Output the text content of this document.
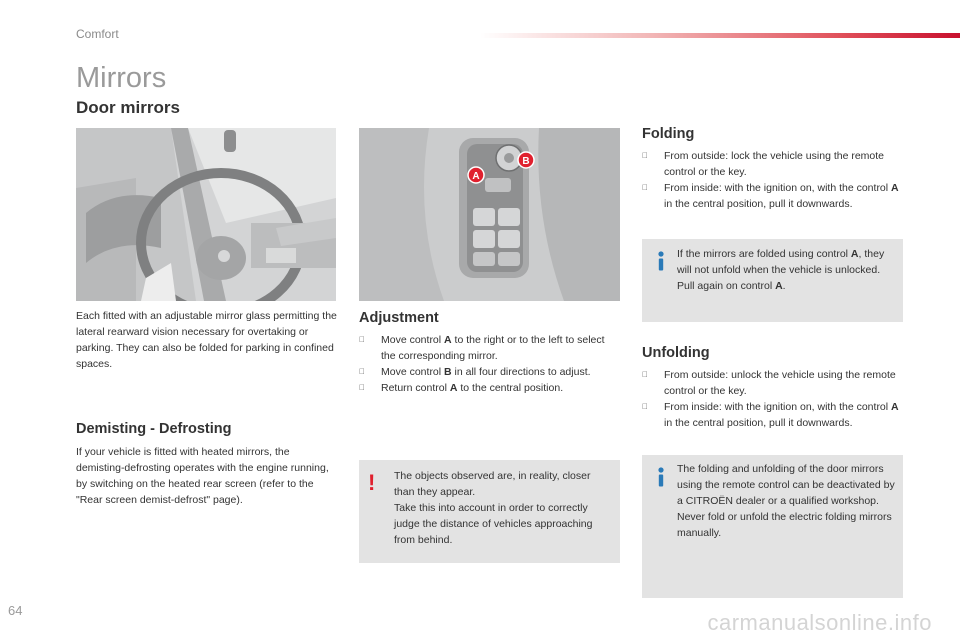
Comfort
Mirrors
Door mirrors
A
B

Each fitted with an adjustable mirror glass permitting the lateral rearward vision necessary for overtaking or parking. They can also be folded for parking in confined spaces.

Demisting - Defrosting

If your vehicle is fitted with heated mirrors, the demisting-defrosting operates with the engine running, by switching on the heated rear screen (refer to the "Rear screen demist-defrost" page).

Adjustment
Move control A to the right or to the left to select the corresponding mirror.
Move control B in all four directions to adjust.
Return control A to the central position.
! The objects observed are, in reality, closer than they appear.
Take this into account in order to correctly judge the distance of vehicles approaching from behind.
Folding
From outside: lock the vehicle using the remote control or the key.
From inside: with the ignition on, with the control A in the central position, pull it downwards.
If the mirrors are folded using control A, they will not unfold when the vehicle is unlocked. Pull again on control A.
Unfolding
From outside: unlock the vehicle using the remote control or the key.
From inside: with the ignition on, with the control A in the central position, pull it downwards.
The folding and unfolding of the door mirrors using the remote control can be deactivated by a CITROËN dealer or a qualified workshop.
Never fold or unfold the electric folding mirrors manually.
64	carmanualsonline.info
